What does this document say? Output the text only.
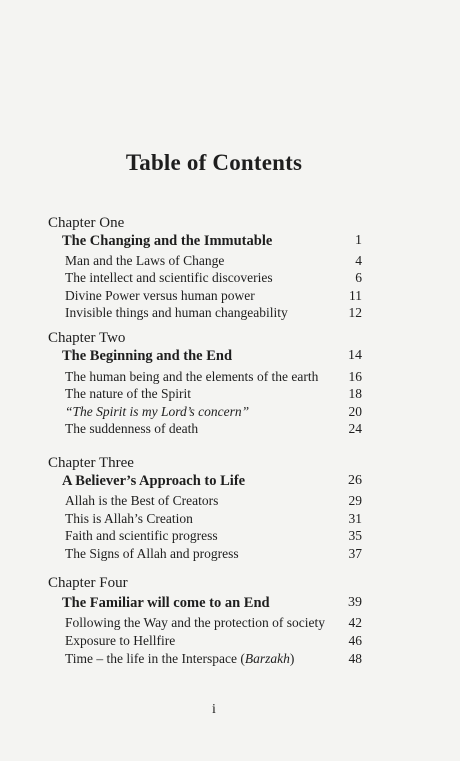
Table of Contents
Chapter One
The Changing and the Immutable	1
Man and the Laws of Change	4
The intellect and scientific discoveries	6
Divine Power versus human power	11
Invisible things and human changeability	12
Chapter Two
The Beginning and the End	14
The human being and the elements of the earth 16
The nature of the Spirit	18
“The Spirit is my Lord’s concern”	20
The suddenness of death	24
Chapter Three
A Believer’s Approach to Life	26
Allah is the Best of Creators	29
This is Allah’s Creation	31
Faith and scientific progress	35
The Signs of Allah and progress	37
Chapter Four
The Familiar will come to an End	39
Following the Way and the protection of society 42
Exposure to Hellfire	46
Time – the life in the Interspace (Barzakh)	48
i
